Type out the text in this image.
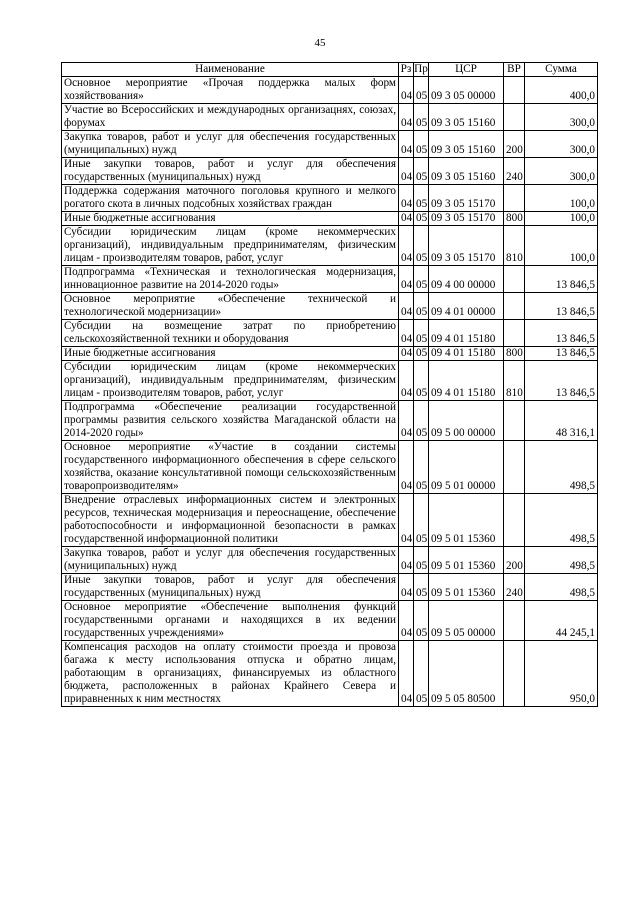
45
Наименование	Рз	Пр	ЦСР	ВР	Сумма
Основное мероприятие «Прочая поддержка малых форм хозяйствования»	04	05	09 3 05 00000		400,0
Участие во Всероссийских и международных организацнях, союзах, форумах	04	05	09 3 05 15160		300,0
Закупка товаров, работ и услуг для обеспечения государственных (муниципальных) нужд	04	05	09 3 05 15160	200	300,0
Иные закупки товаров, работ и услуг для обеспечения государственных (муниципальных) нужд	04	05	09 3 05 15160	240	300,0
Поддержка содержания маточного поголовья крупного и мелкого рогатого скота в личных подсобных хозяйствах граждан	04	05	09 3 05 15170		100,0
Иные бюджетные ассигнования	04	05	09 3 05 15170	800	100,0
Субсидии юридическим лицам (кроме некоммерческих организаций), индивидуальным предпринимателям, физическим лицам - производителям товаров, работ, услуг	04	05	09 3 05 15170	810	100,0
Подпрограмма «Техническая и технологическая модернизация, инновационное развитие на 2014-2020 годы»	04	05	09 4 00 00000		13 846,5
Основное мероприятие «Обеспечение технической и технологической модернизации»	04	05	09 4 01 00000		13 846,5
Субсидии на возмещение затрат по приобретению сельскохозяйственной техники и оборудования	04	05	09 4 01 15180		13 846,5
Иные бюджетные ассигнования	04	05	09 4 01 15180	800	13 846,5
Субсидии юридическим лицам (кроме некоммерческих организаций), индивидуальным предпринимателям, физическим лицам - производителям товаров, работ, услуг	04	05	09 4 01 15180	810	13 846,5
Подпрограмма «Обеспечение реализации государственной программы развития сельского хозяйства Магаданской области на 2014-2020 годы»	04	05	09 5 00 00000		48 316,1
Основное мероприятие «Участие в создании системы государственного информационного обеспечения в сфере сельского хозяйства, оказание консультативной помощи сельскохозяйственным товаропроизводителям»	04	05	09 5 01 00000		498,5
Внедрение отраслевых информационных систем и электронных ресурсов, техническая модернизация и переоснащение, обеспечение работоспособности и информационной безопасности в рамках государственной информационной политики	04	05	09 5 01 15360		498,5
Закупка товаров, работ и услуг для обеспечения государственных (муниципальных) нужд	04	05	09 5 01 15360	200	498,5
Иные закупки товаров, работ и услуг для обеспечения государственных (муниципальных) нужд	04	05	09 5 01 15360	240	498,5
Основное мероприятие «Обеспечение выполнения функций государственными органами и находящихся в их ведении государственных учреждениями»	04	05	09 5 05 00000		44 245,1
Компенсация расходов на оплату стоимости проезда и провоза багажа к месту использования отпуска и обратно лицам, работающим в организациях, финансируемых из областного бюджета, расположенных в районах Крайнего Севера и приравненных к ним местностях	04	05	09 5 05 80500		950,0
